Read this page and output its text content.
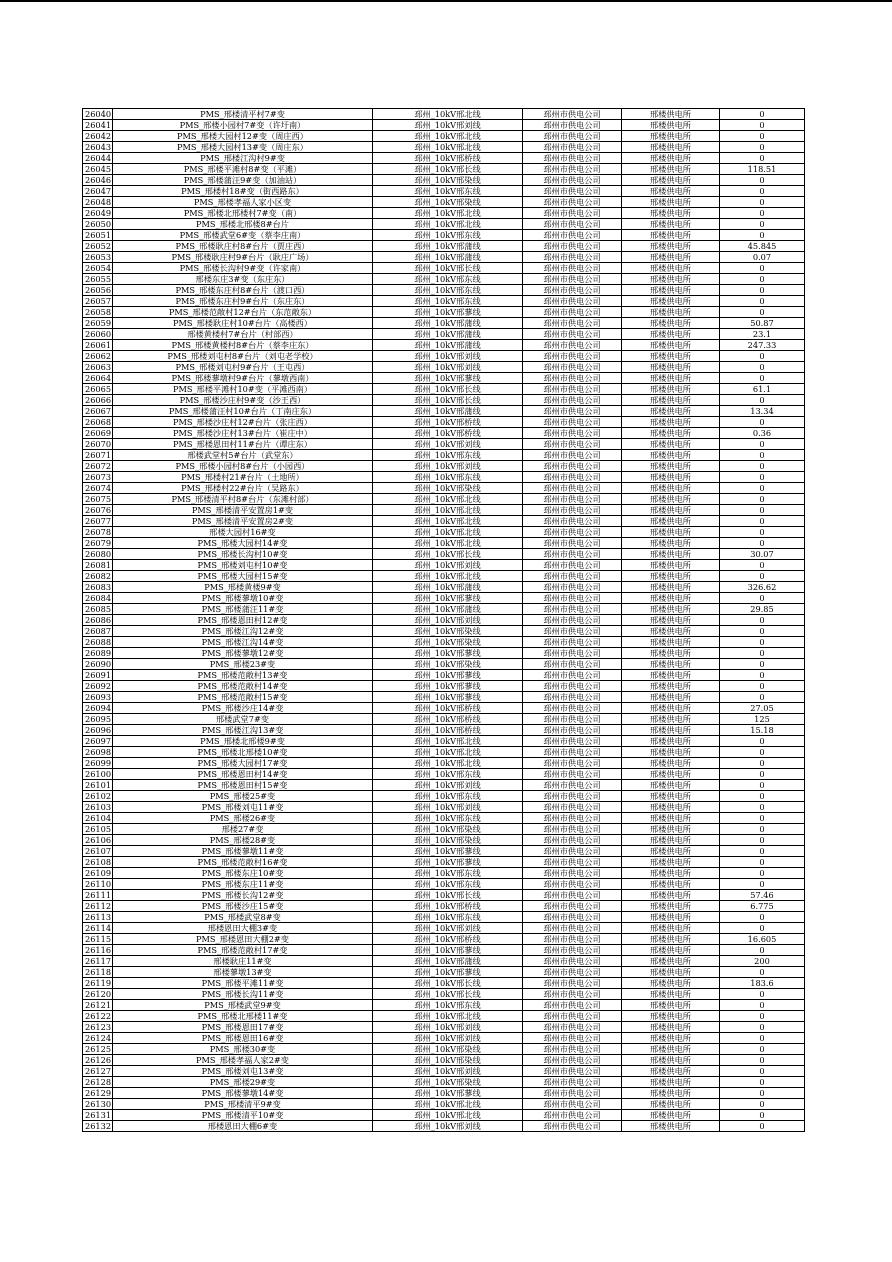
26040	PMS_邢楼清平村7#变	邳州_10kV邢北线	邳州市供电公司	邢楼供电所	0
26041	PMS_邢楼小园村7#变（许圩南）	邳州_10kV邢刘线	邳州市供电公司	邢楼供电所	0
26042	PMS_邢楼大园村12#变（周庄西）	邳州_10kV邢北线	邳州市供电公司	邢楼供电所	0
26043	PMS_邢楼大园村13#变（周庄东）	邳州_10kV邢北线	邳州市供电公司	邢楼供电所	0
26044	PMS_邢楼江沟村9#变	邳州_10kV邢桥线	邳州市供电公司	邢楼供电所	0
26045	PMS_邢楼平滩村8#变（平滩）	邳州_10kV邢长线	邳州市供电公司	邢楼供电所	118.51
26046	PMS_邢楼蒲汪9#变（加油站）	邳州_10kV邢染线	邳州市供电公司	邢楼供电所	0
26047	PMS_邢楼村18#变（街西路东）	邳州_10kV邢东线	邳州市供电公司	邢楼供电所	0
26048	PMS_邢楼孝福人家小区变	邳州_10kV邢染线	邳州市供电公司	邢楼供电所	0
26049	PMS_邢楼北邢楼村7#变（南）	邳州_10kV邢北线	邳州市供电公司	邢楼供电所	0
26050	PMS_邢楼北邢楼8#台片	邳州_10kV邢北线	邳州市供电公司	邢楼供电所	0
26051	PMS_邢楼武堂6#变（蔡李庄南）	邳州_10kV邢东线	邳州市供电公司	邢楼供电所	0
26052	PMS_邢楼耿庄村8#台片（贾庄西）	邳州_10kV邢蒲线	邳州市供电公司	邢楼供电所	45.845
26053	PMS_邢楼耿庄村9#台片（耿庄广场）	邳州_10kV邢蒲线	邳州市供电公司	邢楼供电所	0.07
26054	PMS_邢楼长沟村9#变（许家南）	邳州_10kV邢长线	邳州市供电公司	邢楼供电所	0
26055	邢楼东庄3#变（东庄东）	邳州_10kV邢东线	邳州市供电公司	邢楼供电所	0
26056	PMS_邢楼东庄村8#台片（渡口西）	邳州_10kV邢东线	邳州市供电公司	邢楼供电所	0
26057	PMS_邢楼东庄村9#台片（东庄东）	邳州_10kV邢东线	邳州市供电公司	邢楼供电所	0
26058	PMS_邢楼范敞村12#台片（东范敞东）	邳州_10kV邢蓼线	邳州市供电公司	邢楼供电所	0
26059	PMS_邢楼耿庄村10#台片（高楼西）	邳州_10kV邢蒲线	邳州市供电公司	邢楼供电所	50.87
26060	邢楼黄楼村7#台片（村部西）	邳州_10kV邢蒲线	邳州市供电公司	邢楼供电所	23.1
26061	PMS_邢楼黄楼村8#台片（蔡李庄东）	邳州_10kV邢蒲线	邳州市供电公司	邢楼供电所	247.33
26062	PMS_邢楼刘屯村8#台片（刘屯老学校）	邳州_10kV邢刘线	邳州市供电公司	邢楼供电所	0
26063	PMS_邢楼刘屯村9#台片（王屯西）	邳州_10kV邢刘线	邳州市供电公司	邢楼供电所	0
26064	PMS_邢楼蓼墩村9#台片（蓼墩西南）	邳州_10kV邢蓼线	邳州市供电公司	邢楼供电所	0
26065	PMS_邢楼平滩村10#变（平滩西南）	邳州_10kV邢长线	邳州市供电公司	邢楼供电所	61.1
26066	PMS_邢楼沙庄村9#变（沙王西）	邳州_10kV邢长线	邳州市供电公司	邢楼供电所	0
26067	PMS_邢楼蒲汪村10#台片（丁南庄东）	邳州_10kV邢蒲线	邳州市供电公司	邢楼供电所	13.34
26068	PMS_邢楼沙庄村12#台片（张庄西）	邳州_10kV邢桥线	邳州市供电公司	邢楼供电所	0
26069	PMS_邢楼沙庄村13#台片（崔庄中）	邳州_10kV邢桥线	邳州市供电公司	邢楼供电所	0.36
26070	PMS_邢楼恩田村11#台片（谭庄东）	邳州_10kV邢刘线	邳州市供电公司	邢楼供电所	0
26071	邢楼武堂村5#台片（武堂东）	邳州_10kV邢东线	邳州市供电公司	邢楼供电所	0
26072	PMS_邢楼小园村8#台片（小园西）	邳州_10kV邢刘线	邳州市供电公司	邢楼供电所	0
26073	PMS_邢楼村21#台片（土地所）	邳州_10kV邢东线	邳州市供电公司	邢楼供电所	0
26074	PMS_邢楼村22#台片（吴路东）	邳州_10kV邢染线	邳州市供电公司	邢楼供电所	0
26075	PMS_邢楼清平村8#台片（东滩村部）	邳州_10kV邢北线	邳州市供电公司	邢楼供电所	0
26076	PMS_邢楼清平安置房1#变	邳州_10kV邢北线	邳州市供电公司	邢楼供电所	0
26077	PMS_邢楼清平安置房2#变	邳州_10kV邢北线	邳州市供电公司	邢楼供电所	0
26078	邢楼大园村16#变	邳州_10kV邢北线	邳州市供电公司	邢楼供电所	0
26079	PMS_邢楼大园村14#变	邳州_10kV邢北线	邳州市供电公司	邢楼供电所	0
26080	PMS_邢楼长沟村10#变	邳州_10kV邢长线	邳州市供电公司	邢楼供电所	30.07
26081	PMS_邢楼刘屯村10#变	邳州_10kV邢刘线	邳州市供电公司	邢楼供电所	0
26082	PMS_邢楼大园村15#变	邳州_10kV邢北线	邳州市供电公司	邢楼供电所	0
26083	PMS_邢楼黄楼9#变	邳州_10kV邢蒲线	邳州市供电公司	邢楼供电所	326.62
26084	PMS_邢楼蓼墩10#变	邳州_10kV邢蓼线	邳州市供电公司	邢楼供电所	0
26085	PMS_邢楼蒲汪11#变	邳州_10kV邢蒲线	邳州市供电公司	邢楼供电所	29.85
26086	PMS_邢楼恩田村12#变	邳州_10kV邢刘线	邳州市供电公司	邢楼供电所	0
26087	PMS_邢楼江沟12#变	邳州_10kV邢染线	邳州市供电公司	邢楼供电所	0
26088	PMS_邢楼江沟14#变	邳州_10kV邢染线	邳州市供电公司	邢楼供电所	0
26089	PMS_邢楼蓼墩12#变	邳州_10kV邢蓼线	邳州市供电公司	邢楼供电所	0
26090	PMS_邢楼23#变	邳州_10kV邢染线	邳州市供电公司	邢楼供电所	0
26091	PMS_邢楼范敞村13#变	邳州_10kV邢蓼线	邳州市供电公司	邢楼供电所	0
26092	PMS_邢楼范敞村14#变	邳州_10kV邢蓼线	邳州市供电公司	邢楼供电所	0
26093	PMS_邢楼范敞村15#变	邳州_10kV邢蓼线	邳州市供电公司	邢楼供电所	0
26094	PMS_邢楼沙庄14#变	邳州_10kV邢桥线	邳州市供电公司	邢楼供电所	27.05
26095	邢楼武堂7#变	邳州_10kV邢桥线	邳州市供电公司	邢楼供电所	125
26096	PMS_邢楼江沟13#变	邳州_10kV邢桥线	邳州市供电公司	邢楼供电所	15.18
26097	PMS_邢楼北邢楼9#变	邳州_10kV邢北线	邳州市供电公司	邢楼供电所	0
26098	PMS_邢楼北邢楼10#变	邳州_10kV邢北线	邳州市供电公司	邢楼供电所	0
26099	PMS_邢楼大园村17#变	邳州_10kV邢北线	邳州市供电公司	邢楼供电所	0
26100	PMS_邢楼恩田村14#变	邳州_10kV邢东线	邳州市供电公司	邢楼供电所	0
26101	PMS_邢楼恩田村15#变	邳州_10kV邢刘线	邳州市供电公司	邢楼供电所	0
26102	PMS_邢楼25#变	邳州_10kV邢东线	邳州市供电公司	邢楼供电所	0
26103	PMS_邢楼刘屯11#变	邳州_10kV邢刘线	邳州市供电公司	邢楼供电所	0
26104	PMS_邢楼26#变	邳州_10kV邢东线	邳州市供电公司	邢楼供电所	0
26105	邢楼27#变	邳州_10kV邢染线	邳州市供电公司	邢楼供电所	0
26106	PMS_邢楼28#变	邳州_10kV邢染线	邳州市供电公司	邢楼供电所	0
26107	PMS_邢楼蓼墩11#变	邳州_10kV邢蓼线	邳州市供电公司	邢楼供电所	0
26108	PMS_邢楼范敞村16#变	邳州_10kV邢蓼线	邳州市供电公司	邢楼供电所	0
26109	PMS_邢楼东庄10#变	邳州_10kV邢东线	邳州市供电公司	邢楼供电所	0
26110	PMS_邢楼东庄11#变	邳州_10kV邢东线	邳州市供电公司	邢楼供电所	0
26111	PMS_邢楼长沟12#变	邳州_10kV邢长线	邳州市供电公司	邢楼供电所	57.46
26112	PMS_邢楼沙庄15#变	邳州_10kV邢桥线	邳州市供电公司	邢楼供电所	6.775
26113	PMS_邢楼武堂8#变	邳州_10kV邢东线	邳州市供电公司	邢楼供电所	0
26114	邢楼恩田大棚3#变	邳州_10kV邢刘线	邳州市供电公司	邢楼供电所	0
26115	PMS_邢楼恩田大棚2#变	邳州_10kV邢桥线	邳州市供电公司	邢楼供电所	16.605
26116	PMS_邢楼范敞村17#变	邳州_10kV邢蓼线	邳州市供电公司	邢楼供电所	0
26117	邢楼耿庄11#变	邳州_10kV邢蒲线	邳州市供电公司	邢楼供电所	200
26118	邢楼蓼墩13#变	邳州_10kV邢蓼线	邳州市供电公司	邢楼供电所	0
26119	PMS_邢楼平滩11#变	邳州_10kV邢长线	邳州市供电公司	邢楼供电所	183.6
26120	PMS_邢楼长沟11#变	邳州_10kV邢长线	邳州市供电公司	邢楼供电所	0
26121	PMS_邢楼武堂9#变	邳州_10kV邢东线	邳州市供电公司	邢楼供电所	0
26122	PMS_邢楼北邢楼11#变	邳州_10kV邢北线	邳州市供电公司	邢楼供电所	0
26123	PMS_邢楼恩田17#变	邳州_10kV邢刘线	邳州市供电公司	邢楼供电所	0
26124	PMS_邢楼恩田16#变	邳州_10kV邢刘线	邳州市供电公司	邢楼供电所	0
26125	PMS_邢楼30#变	邳州_10kV邢染线	邳州市供电公司	邢楼供电所	0
26126	PMS_邢楼孝福人家2#变	邳州_10kV邢染线	邳州市供电公司	邢楼供电所	0
26127	PMS_邢楼刘屯13#变	邳州_10kV邢刘线	邳州市供电公司	邢楼供电所	0
26128	PMS_邢楼29#变	邳州_10kV邢染线	邳州市供电公司	邢楼供电所	0
26129	PMS_邢楼蓼墩14#变	邳州_10kV邢蓼线	邳州市供电公司	邢楼供电所	0
26130	PMS_邢楼清平9#变	邳州_10kV邢北线	邳州市供电公司	邢楼供电所	0
26131	PMS_邢楼清平10#变	邳州_10kV邢北线	邳州市供电公司	邢楼供电所	0
26132	邢楼恩田大棚6#变	邳州_10kV邢刘线	邳州市供电公司	邢楼供电所	0
